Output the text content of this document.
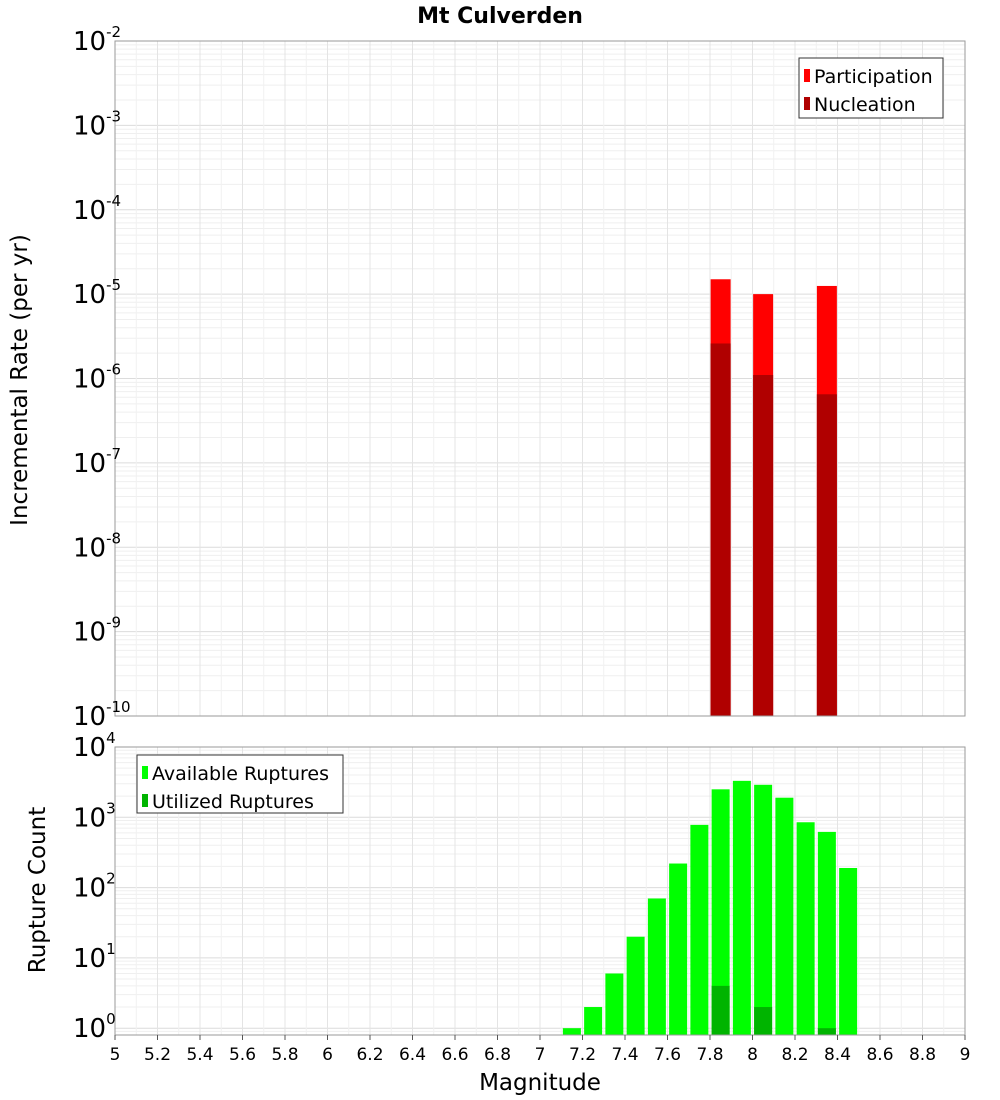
Mt Culverden
Incremental Rate (per yr)
Rupture Count
Magnitude
$10^{-10}$
$10^{-9}$
$10^{-8}$
$10^{-7}$
$10^{-6}$
$10^{-5}$
$10^{-4}$
$10^{-3}$
$10^{-2}$
Participation
Nucleation
$10^0$
$10^1$
$10^2$
$10^3$
$10^4$
Available Ruptures
Utilized Ruptures
5 5.2 5.4 5.6 5.8 6 6.2 6.4 6.6 6.8 7 7.2 7.4 7.6 7.8 8 8.2 8.4 8.6 8.8 9
